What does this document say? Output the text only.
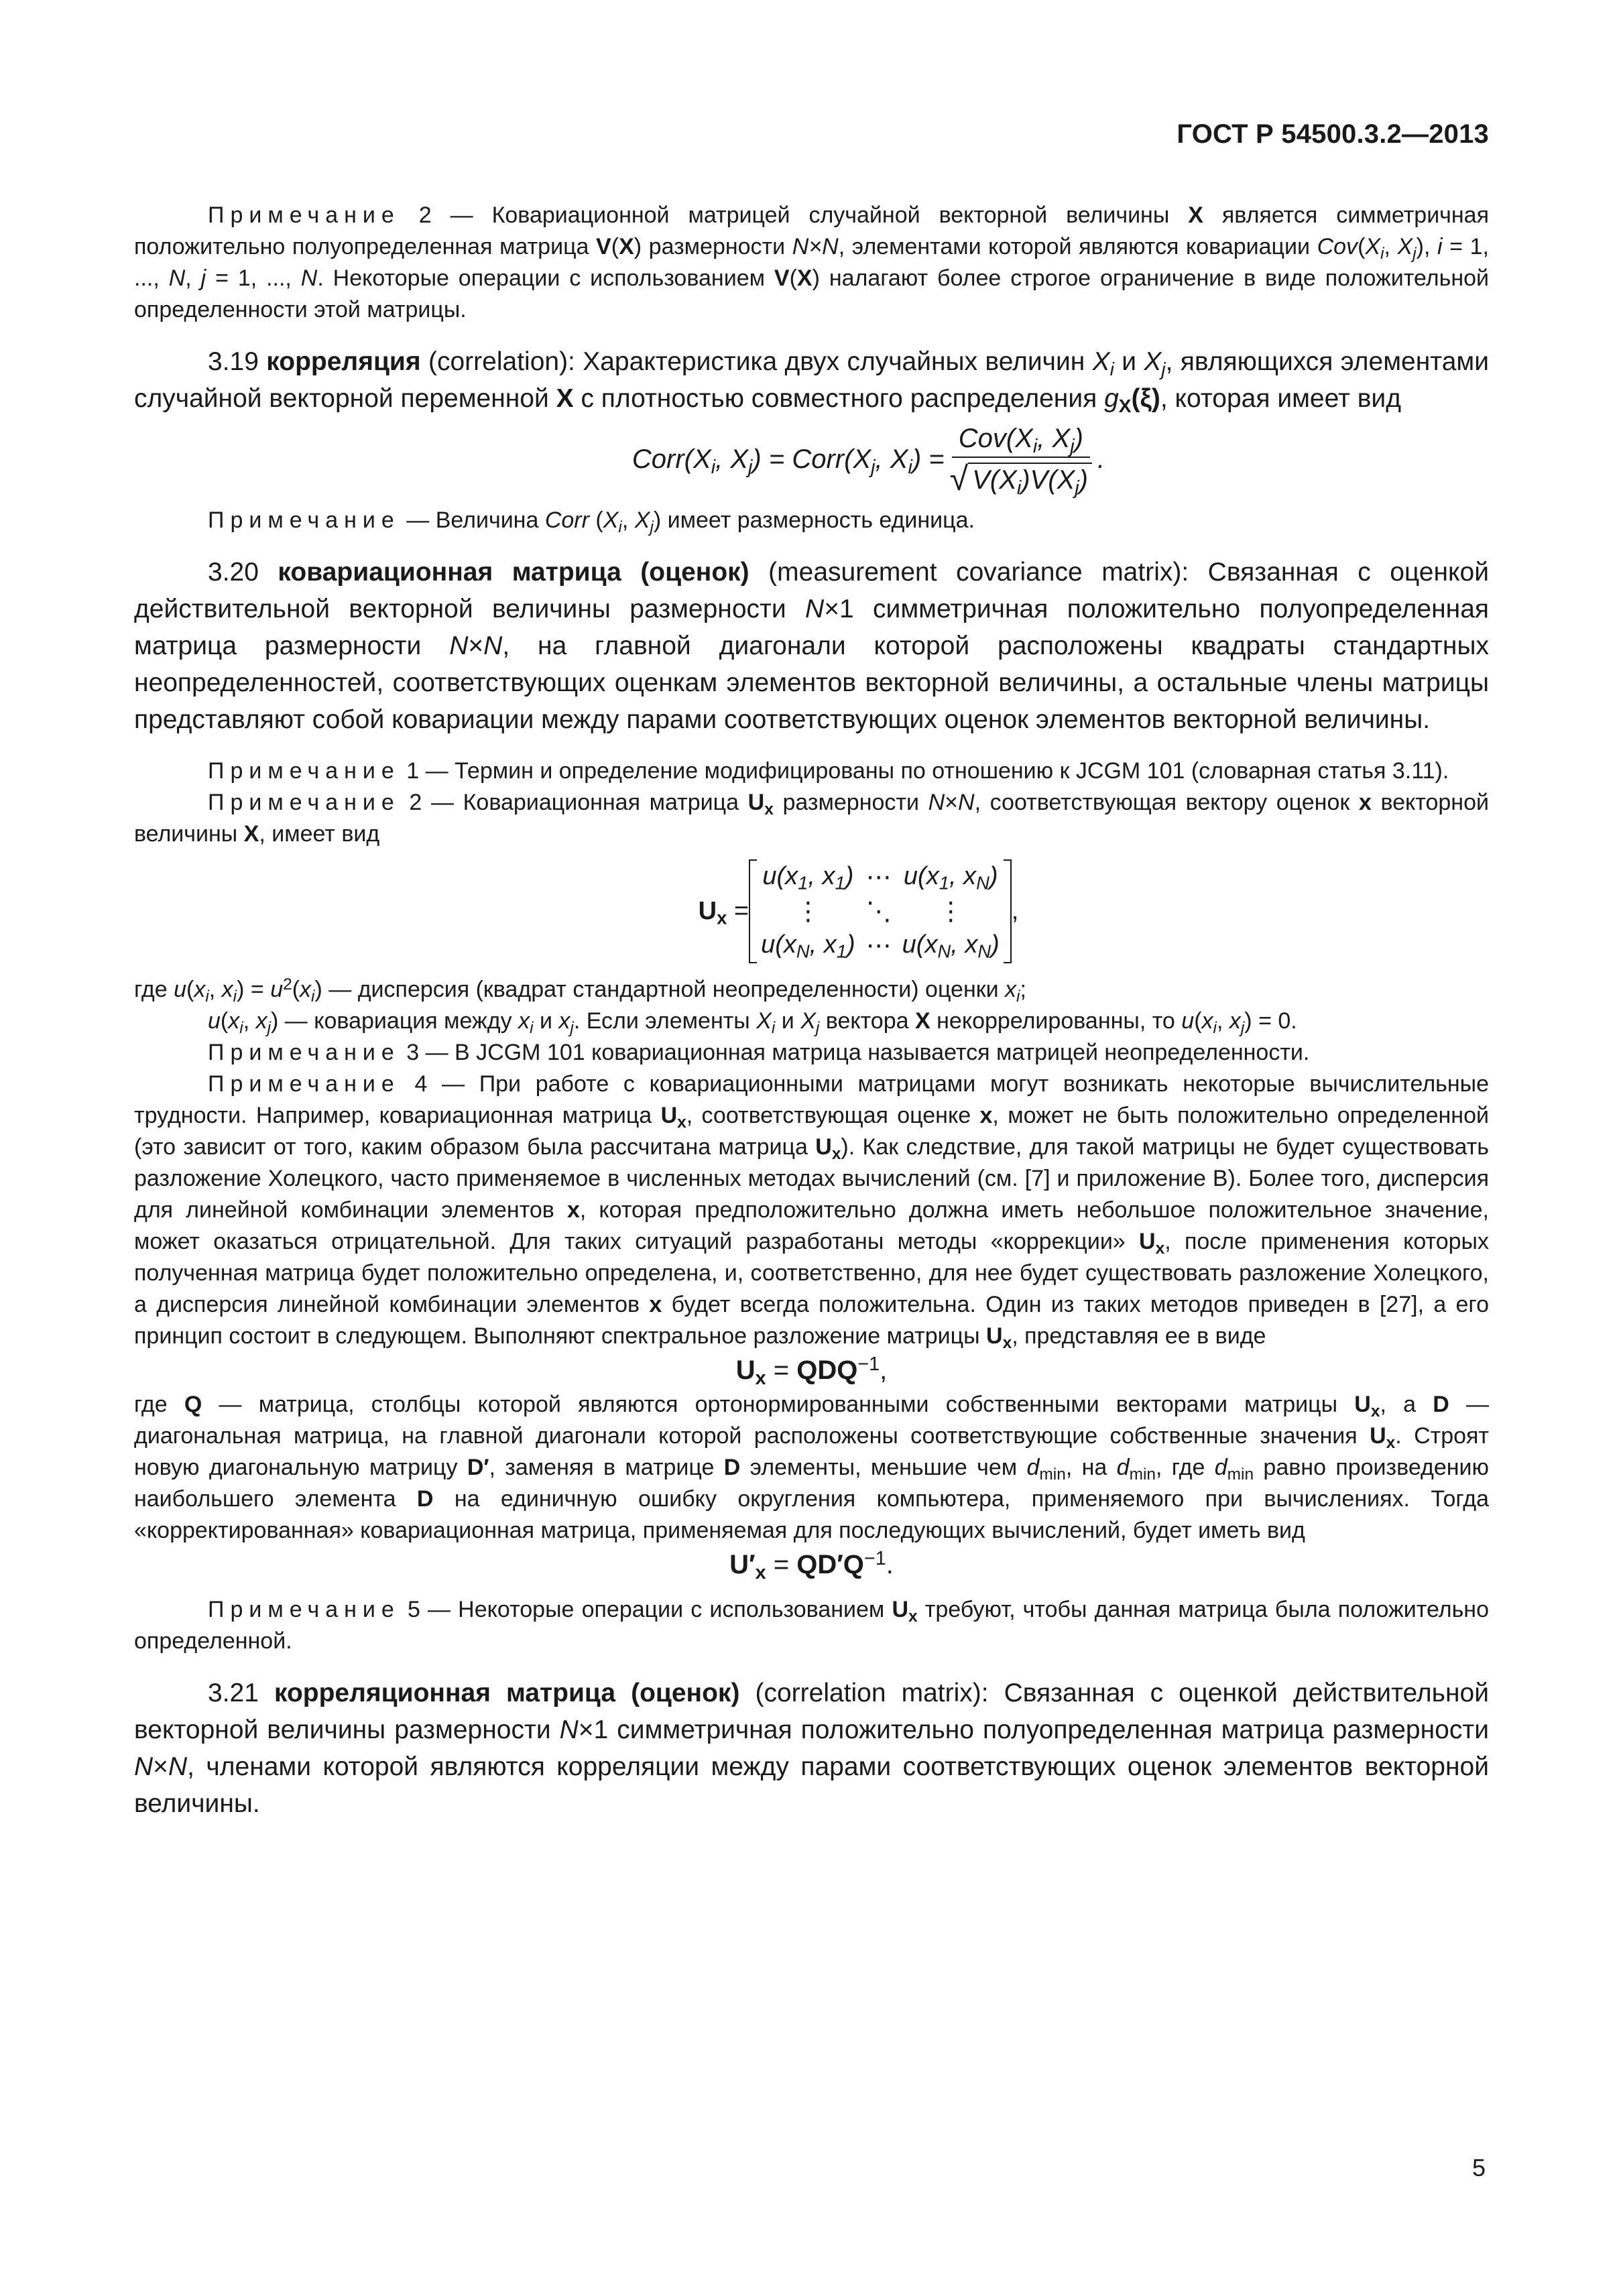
ГОСТ Р 54500.3.2—2013

Примечание 2 — Ковариационной матрицей случайной векторной величины X является симметричная положительно полуопределенная матрица V(X) размерности N×N, элементами которой являются ковариации $Cov(X_i$, $X_j$), i = 1, ..., N, j = 1, ..., N. Некоторые операции с использованием V(X) налагают более строгое ограничение в виде положительной определенности этой матрицы.

3.19 корреляция (correlation): Характеристика двух случайных величин $X_i$ и $X_j$, являющихся элементами случайной векторной переменной X с плотностью совместного распределения $g_X(\xi)$, которая имеет вид

$Corr(X_i$, $X_j$) = $Corr(X_j$, $X_i) = \frac{Cov(X_i, X_j)}{√ V(X_i)V(X_j)}$ .

Примечание — Величина Corr ($X_i$, $X_j$) имеет размерность единица.

3.20 ковариационная матрица (оценок) (measurement covariance matrix): Связанная с оценкой действительной векторной величины размерности N×1 симметричная положительно полуопределенная матрица размерности N×N, на главной диагонали которой расположены квадраты стандартных неопределенностей, соответствующих оценкам элементов векторной величины, а остальные члены матрицы представляют собой ковариации между парами соответствующих оценок элементов векторной величины.

Примечание 1 — Термин и определение модифицированы по отношению к JCGM 101 (словарная статья 3.11).

Примечание 2 — Ковариационная матрица $U_x$ размерности N×N, соответствующая вектору оценок x векторной величины X, имеет вид

$U_x$ =
$u(x_1$, $x_1$) ⋯ $u(x_1$, $x_N$)
⋮	⋱	⋮
$u(x_N$, $x_1$) ⋯ $u(x_N$, $x_N$)
,

где $u(x_i$, $x_i) = u^2(x_i)$ — дисперсия (квадрат стандартной неопределенности) оценки $x_i$;

$u(x_i$, $x_j$) — ковариация между $x_i$ и $x_j$. Если элементы $X_i$ и $X_j$ вектора X некоррелированны, то $u(x_i$, $x_j) = 0$.

Примечание 3 — В JCGM 101 ковариационная матрица называется матрицей неопределенности.

Примечание 4 — При работе с ковариационными матрицами могут возникать некоторые вычислительные трудности. Например, ковариационная матрица $U_x$, соответствующая оценке x, может не быть положительно определенной (это зависит от того, каким образом была рассчитана матрица $U_x$). Как следствие, для такой матрицы не будет существовать разложение Холецкого, часто применяемое в численных методах вычислений (см. [7] и приложение В). Более того, дисперсия для линейной комбинации элементов x, которая предположительно должна иметь небольшое положительное значение, может оказаться отрицательной. Для таких ситуаций разработаны методы «коррекции» $U_x$, после применения которых полученная матрица будет положительно определена, и, соответственно, для нее будет существовать разложение Холецкого, а дисперсия линейной комбинации элементов x будет всегда положительна. Один из таких методов приведен в [27], а его принцип состоит в следующем. Выполняют спектральное разложение матрицы $U_x$, представляя ее в виде

$U_x = QDQ^{-1}$,

где Q — матрица, столбцы которой являются ортонормированными собственными векторами матрицы $U_x$, а D — диагональная матрица, на главной диагонали которой расположены соответствующие собственные значения $U_x$. Строят новую диагональную матрицу D′, заменяя в матрице D элементы, меньшие чем $d_{min}$, на $d_{min}$, где $d_{min}$ равно произведению наибольшего элемента D на единичную ошибку округления компьютера, применяемого при вычислениях. Тогда «корректированная» ковариационная матрица, применяемая для последующих вычислений, будет иметь вид

$U'_x = QD'Q^{-1}$.

Примечание 5 — Некоторые операции с использованием $U_x$ требуют, чтобы данная матрица была положительно определенной.

3.21 корреляционная матрица (оценок) (correlation matrix): Связанная с оценкой действительной векторной величины размерности N×1 симметричная положительно полуопределенная матрица размерности N×N, членами которой являются корреляции между парами соответствующих оценок элементов векторной величины.

5
